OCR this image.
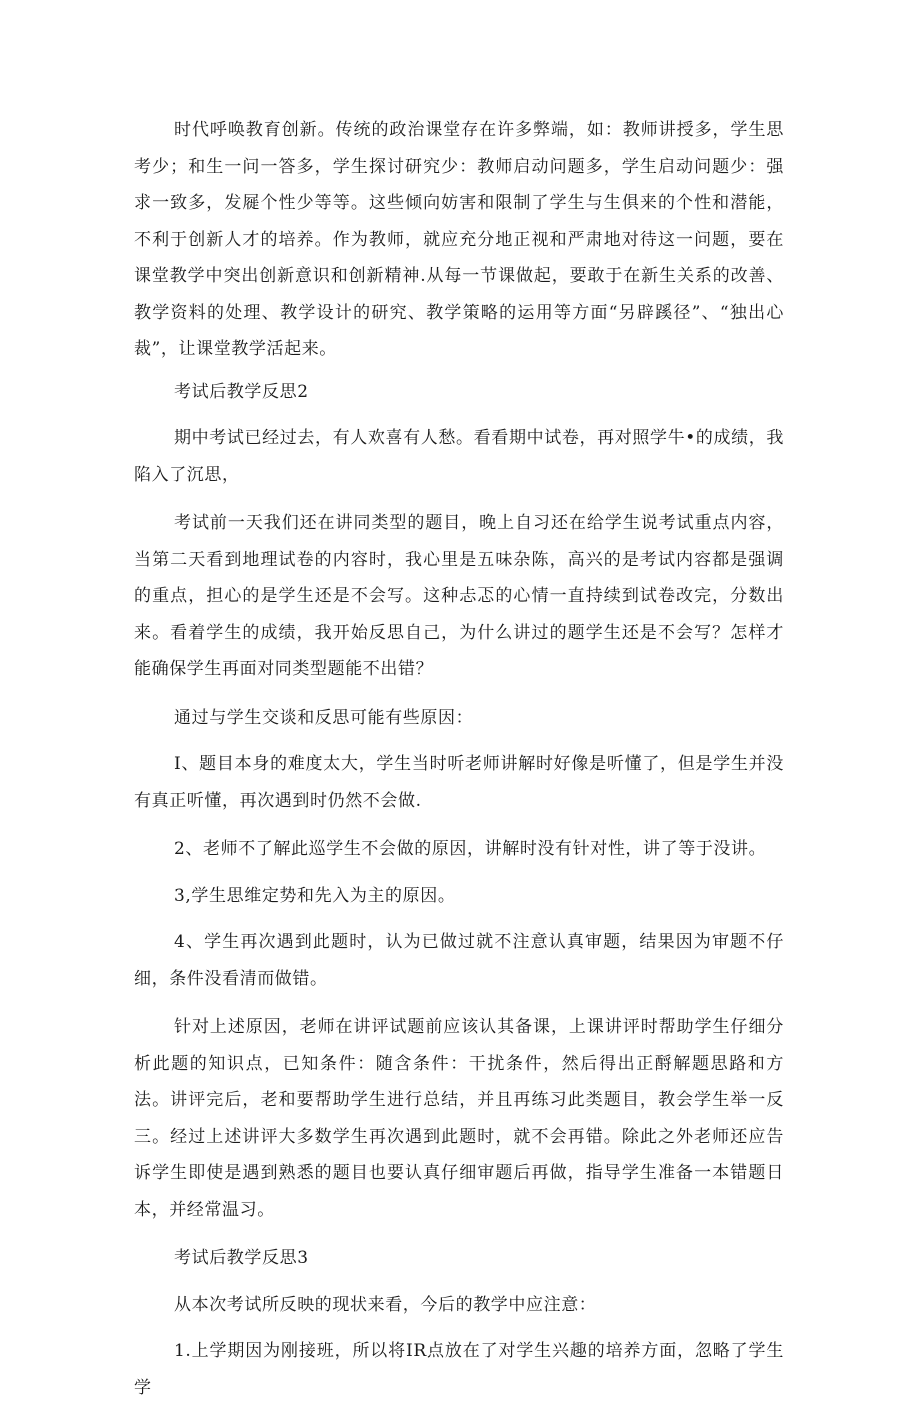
时代呼唤教育创新。传统的政治课堂存在许多弊端，如：教师讲授多，学生思考少；和生一问一答多，学生探讨研究少：教师启动问题多，学生启动问题少：强求一致多，发屣个性少等等。这些倾向妨害和限制了学生与生俱来的个性和潜能，不利于创新人才的培养。作为教师，就应充分地正视和严肃地对待这一问题，要在课堂教学中突出创新意识和创新精神.从每一节课做起，要敢于在新生关系的改善、教学资料的处理、教学设计的研究、教学策略的运用等方面“另辟蹊径”、“独出心裁”，让课堂教学活起来。

考试后教学反思2

期中考试已经过去，有人欢喜有人愁。看看期中试卷，再对照学牛•的成绩，我陷入了沉思，

考试前一天我们还在讲同类型的题目，晚上自习还在给学生说考试重点内容，当第二天看到地理试卷的内容时，我心里是五味杂陈，高兴的是考试内容都是强调的重点，担心的是学生还是不会写。这种忐忑的心情一直持续到试卷改完，分数出来。看着学生的成绩，我开始反思自己，为什么讲过的题学生还是不会写？怎样才能确保学生再面对同类型题能不出错？

通过与学生交谈和反思可能有些原因：

I、题目本身的难度太大，学生当时听老师讲解时好像是听懂了，但是学生并没有真正听懂，再次遇到时仍然不会做.

2、老师不了解此巡学生不会做的原因，讲解时没有针对性，讲了等于没讲。

3,学生思维定势和先入为主的原因。

4、学生再次遇到此题时，认为已做过就不注意认真审题，结果因为审题不仔细，条件没看清而做错。

针对上述原因，老师在讲评试题前应该认其备课，上课讲评时帮助学生仔细分析此题的知识点，已知条件：随含条件：干扰条件，然后得出正酹解题思路和方法。讲评完后，老和要帮助学生进行总结，并且再练习此类题目，教会学生举一反三。经过上述讲评大多数学生再次遇到此题时，就不会再错。除此之外老师还应告诉学生即使是遇到熟悉的题目也要认真仔细审题后再做，指导学生准备一本错题日本，并经常温习。

考试后教学反思3

从本次考试所反映的现状来看，今后的教学中应注意：

1.上学期因为刚接班，所以将IR点放在了对学生兴趣的培养方面，忽略了学生学
